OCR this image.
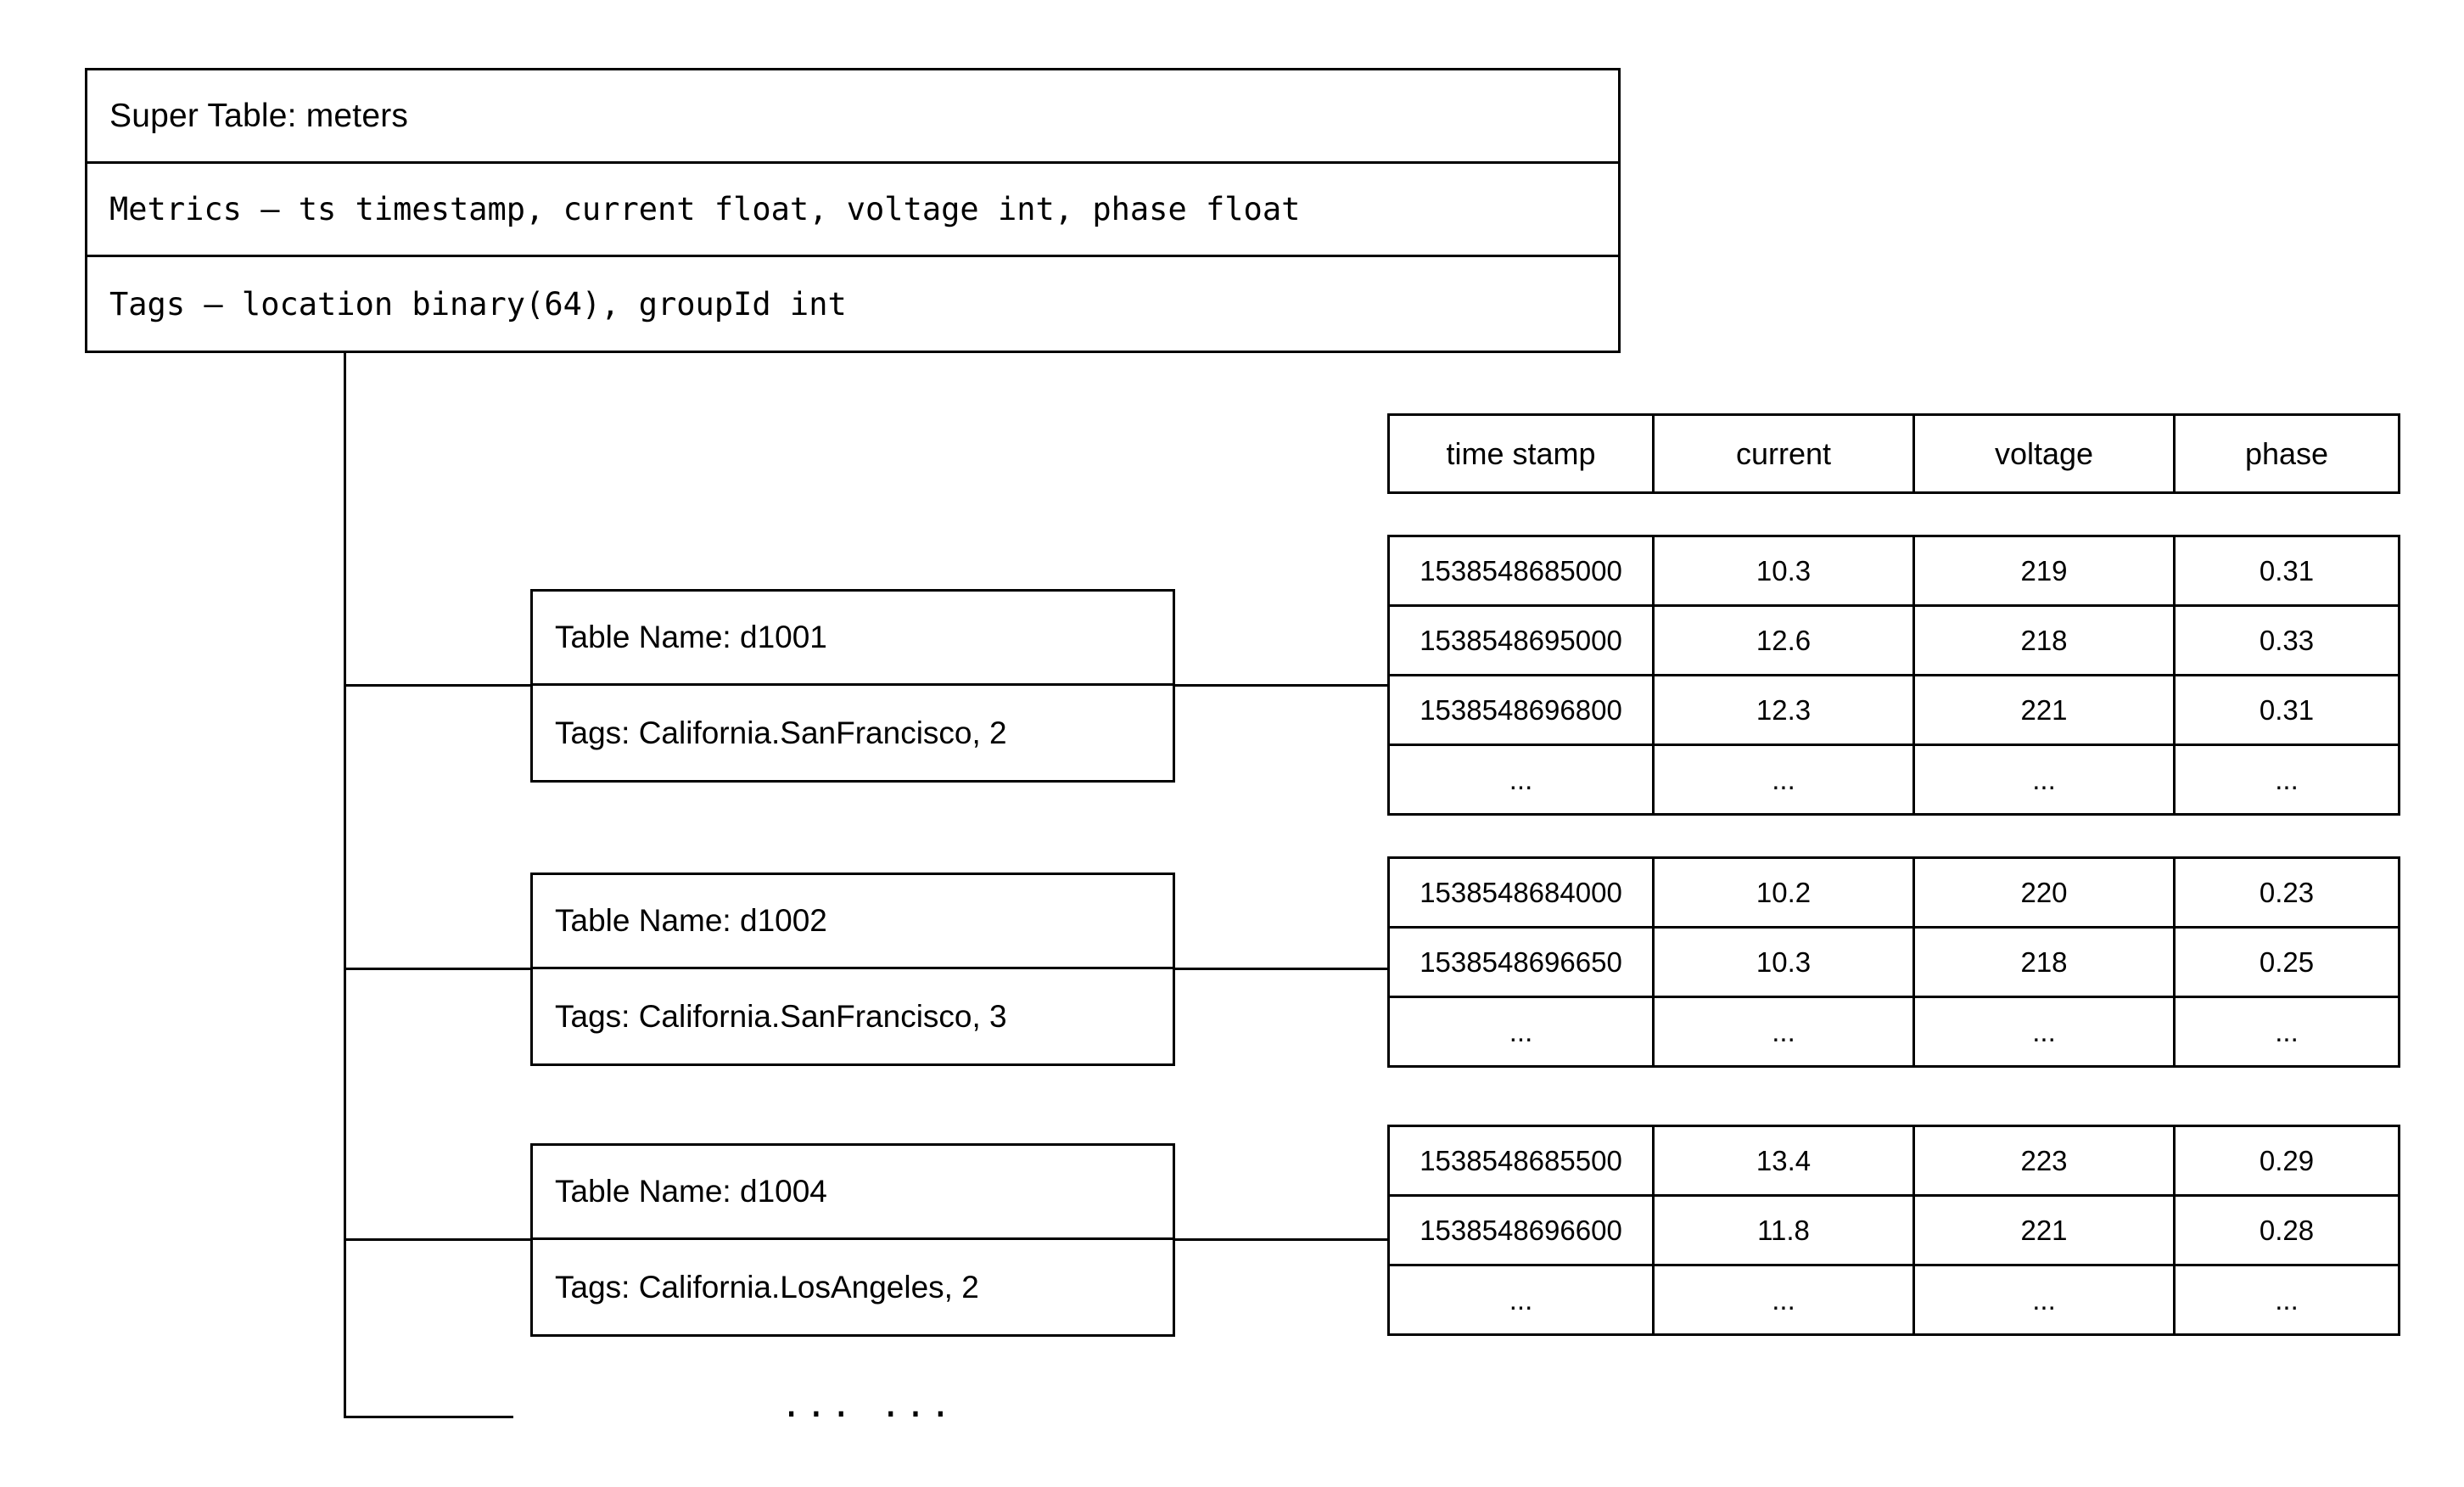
Super Table: meters
Metrics — ts timestamp, current float, voltage int, phase float
Tags — location binary(64), groupId int
Table Name: d1001
Tags: California.SanFrancisco, 2
Table Name: d1002
Tags: California.SanFrancisco, 3
Table Name: d1004
Tags: California.LosAngeles, 2
time stamp	current	voltage	phase
1538548685000	10.3	219	0.31
1538548695000	12.6	218	0.33
1538548696800	12.3	221	0.31
...	...	...	...
1538548684000	10.2	220	0.23
1538548696650	10.3	218	0.25
...	...	...	...
1538548685500	13.4	223	0.29
1538548696600	11.8	221	0.28
...	...	...	...
... ...
